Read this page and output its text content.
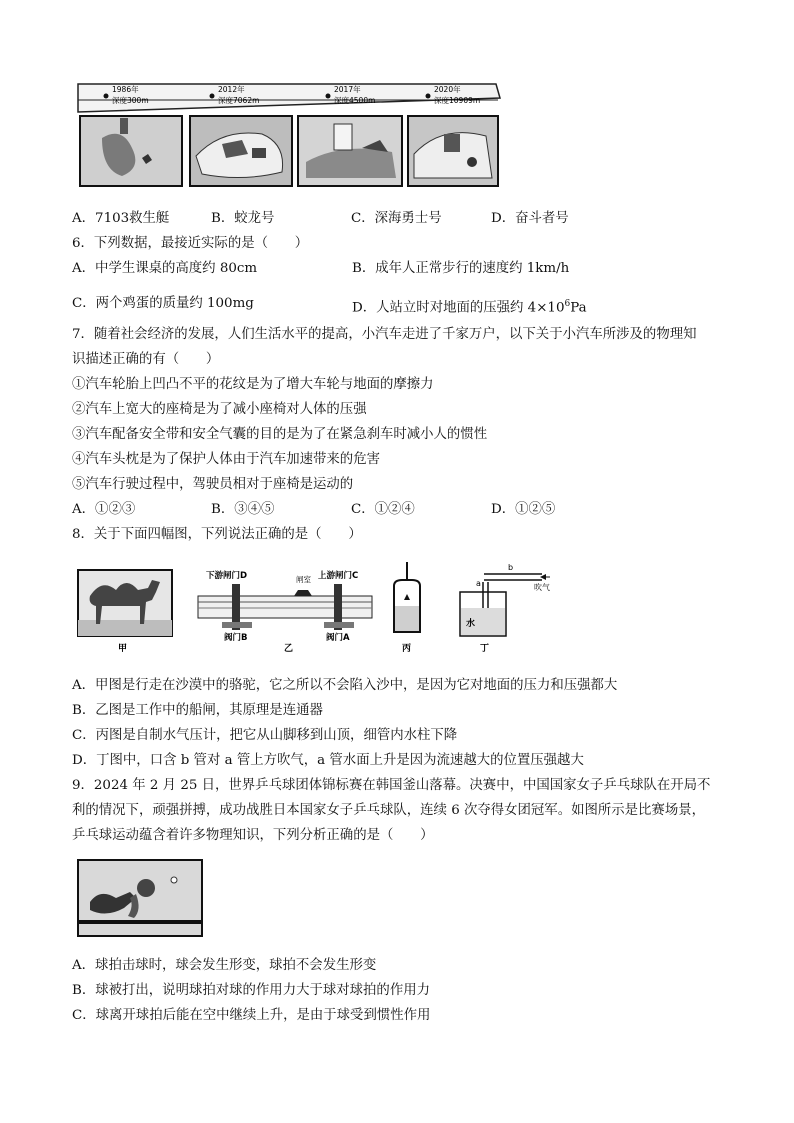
1986年
深度300m
2012年
深度7062m
2017年
深度4500m
2020年
深度10909m
A．7103救生艇	B．蛟龙号	C．深海勇士号	D．奋斗者号
6．下列数据，最接近实际的是（　　）
A．中学生课桌的高度约 80cm	B．成年人正常步行的速度约 1km/h
C．两个鸡蛋的质量约 100mg	D．人站立时对地面的压强约 $4\times 10^6Pa$
7．随着社会经济的发展，人们生活水平的提高，小汽车走进了千家万户，以下关于小汽车所涉及的物理知
识描述正确的有（　　）
①汽车轮胎上凹凸不平的花纹是为了增大车轮与地面的摩擦力
②汽车上宽大的座椅是为了减小座椅对人体的压强
③汽车配备安全带和安全气囊的目的是为了在紧急刹车时减小人的惯性
④汽车头枕是为了保护人体由于汽车加速带来的危害
⑤汽车行驶过程中，驾驶员相对于座椅是运动的
A．①②③	B．③④⑤	C．①②④	D．①②⑤
8．关于下面四幅图，下列说法正确的是（　　）
甲
下游闸门D	闸室 上游闸门C
阀门B	阀门A
乙	丙
a
b
吹气
水
丁
A．甲图是行走在沙漠中的骆驼，它之所以不会陷入沙中，是因为它对地面的压力和压强都大
B．乙图是工作中的船闸，其原理是连通器
C．丙图是自制水气压计，把它从山脚移到山顶，细管内水柱下降
D．丁图中，口含 b 管对 a 管上方吹气，a 管水面上升是因为流速越大的位置压强越大
9．2024 年 2 月 25 日，世界乒乓球团体锦标赛在韩国釜山落幕。决赛中，中国国家女子乒乓球队在开局不
利的情况下，顽强拼搏，成功战胜日本国家女子乒乓球队，连续 6 次夺得女团冠军。如图所示是比赛场景，
乒乓球运动蕴含着许多物理知识，下列分析正确的是（　　）
A．球拍击球时，球会发生形变，球拍不会发生形变
B．球被打出，说明球拍对球的作用力大于球对球拍的作用力
C．球离开球拍后能在空中继续上升，是由于球受到惯性作用
